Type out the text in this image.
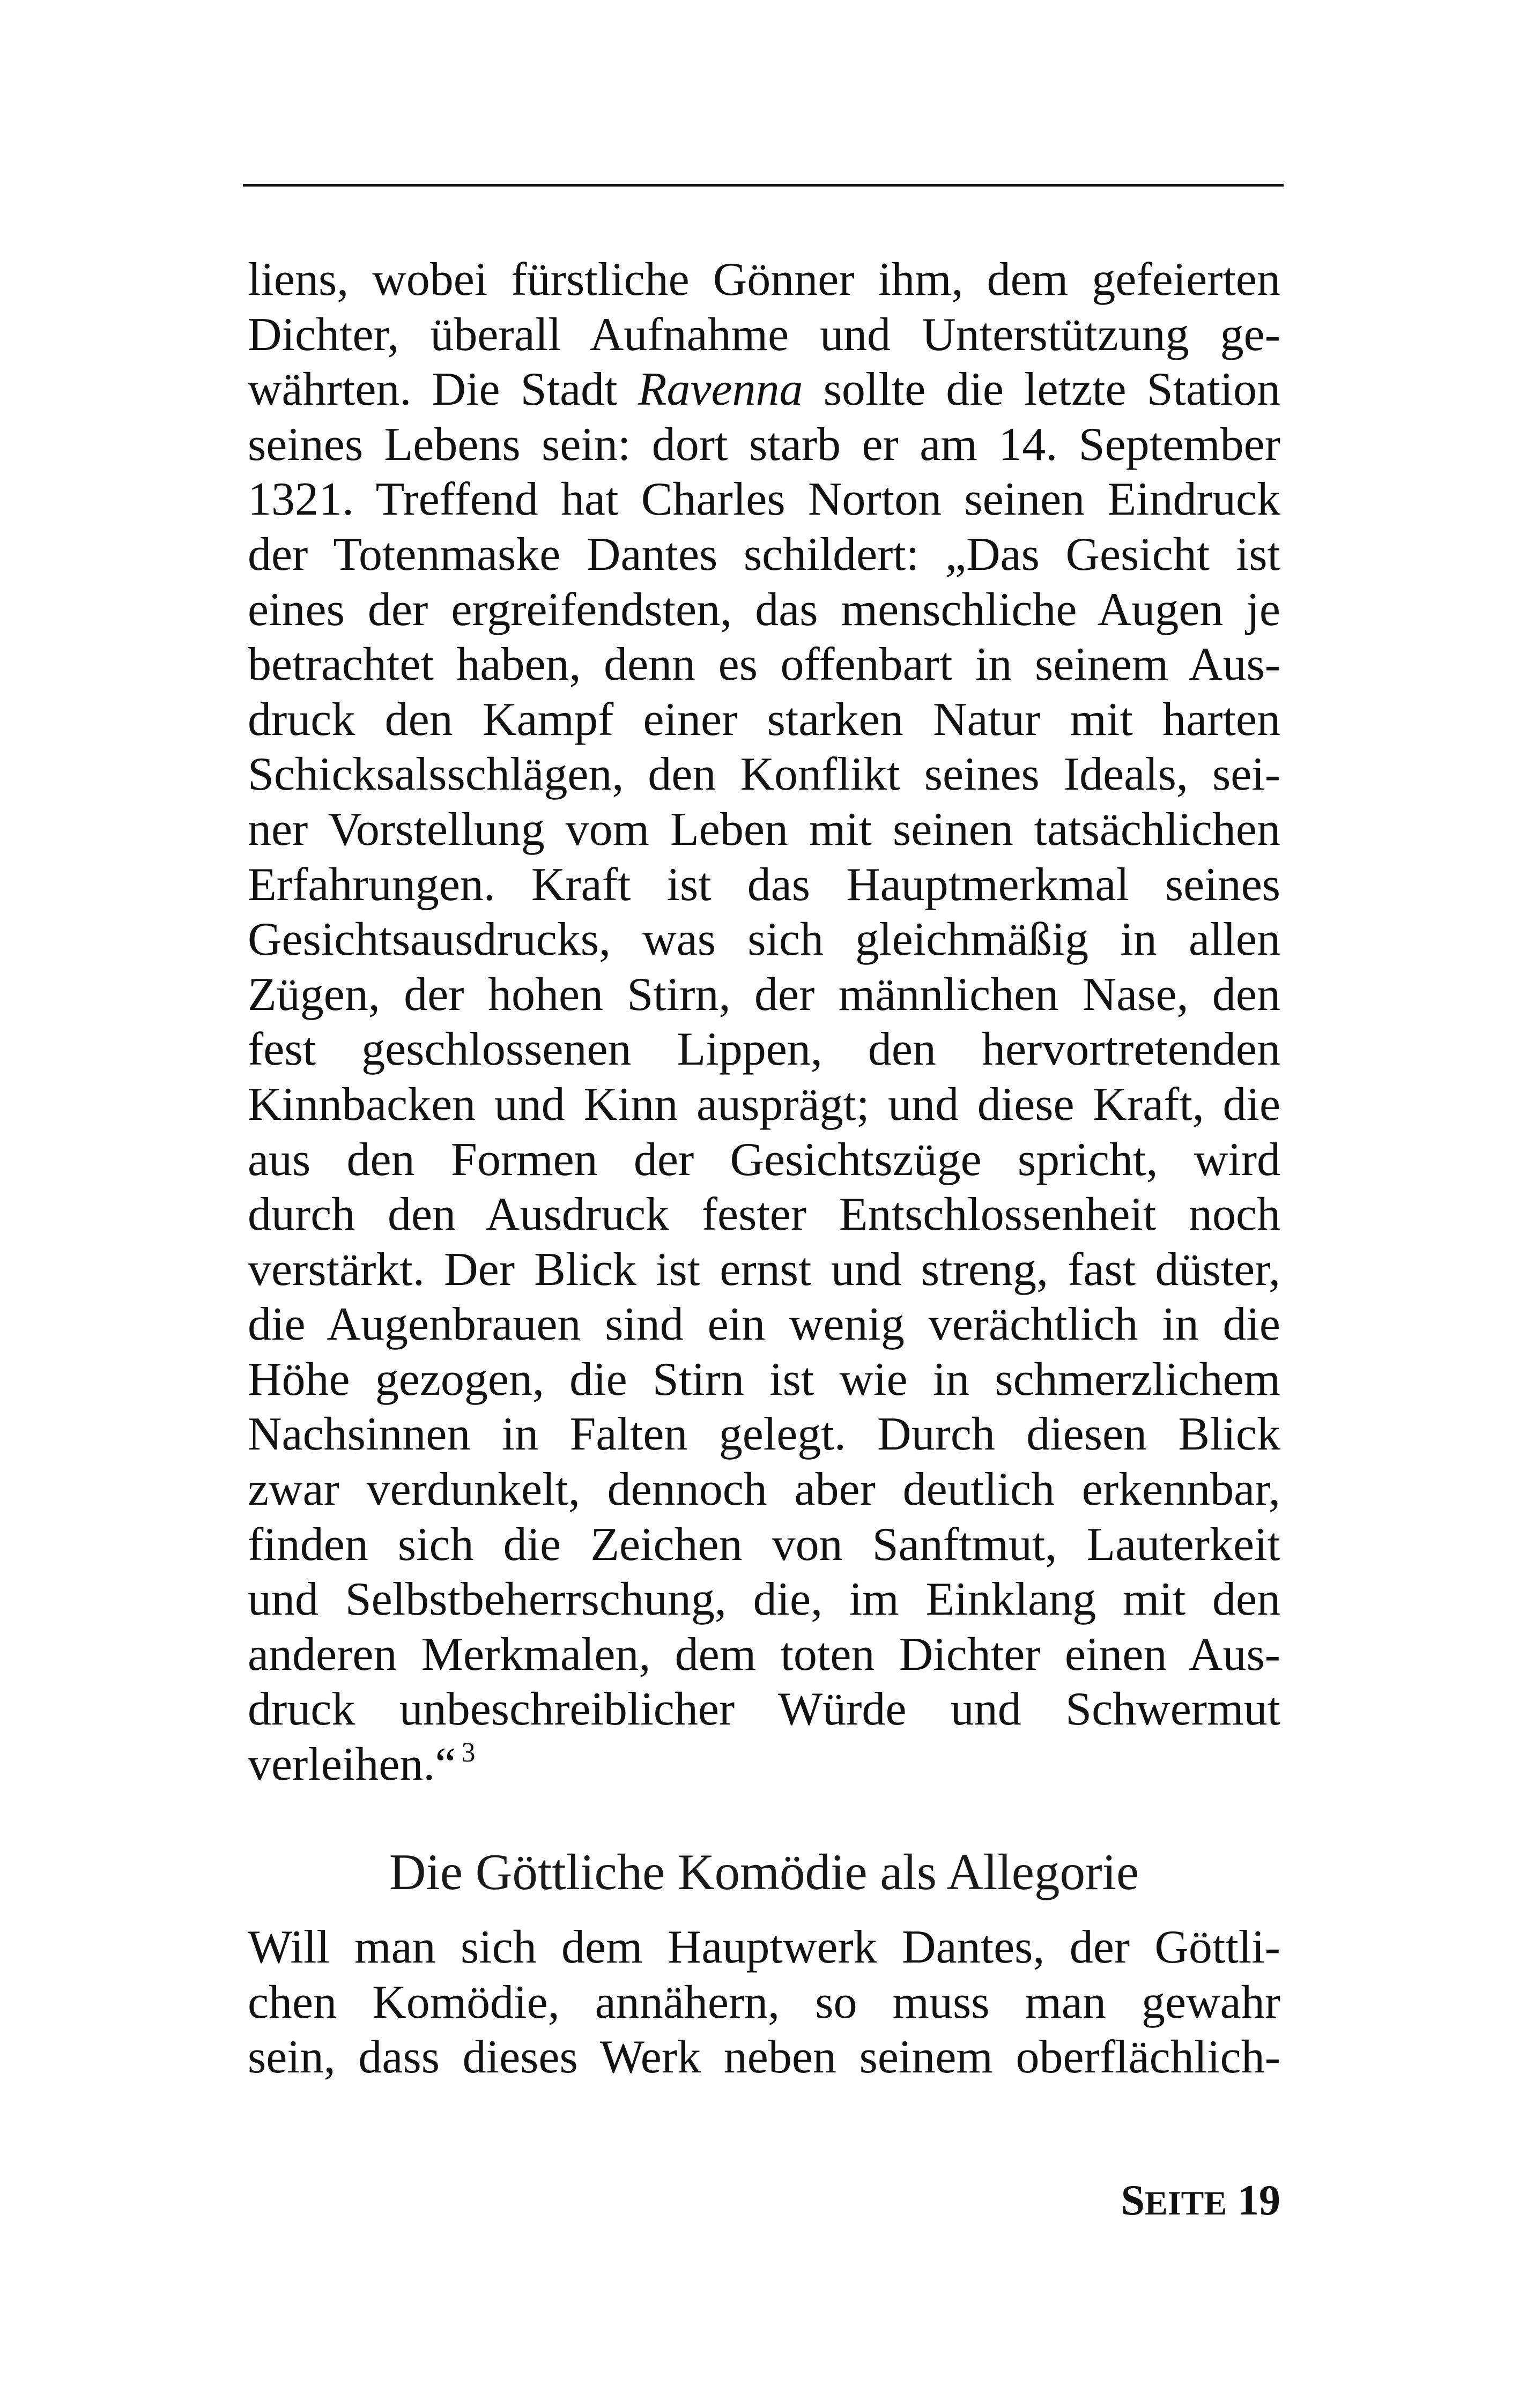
liens, wobei fürstliche Gönner ihm, dem gefeierten
Dichter, überall Aufnahme und Unterstützung ge-
währten. Die Stadt Ravenna sollte die letzte Station
seines Lebens sein: dort starb er am 14. September
1321. Treffend hat Charles Norton seinen Eindruck
der Totenmaske Dantes schildert: „Das Gesicht ist
eines der ergreifendsten, das menschliche Augen je
betrachtet haben, denn es offenbart in seinem Aus-
druck den Kampf einer starken Natur mit harten
Schicksalsschlägen, den Konflikt seines Ideals, sei-
ner Vorstellung vom Leben mit seinen tatsächlichen
Erfahrungen. Kraft ist das Hauptmerkmal seines
Gesichtsausdrucks, was sich gleichmäßig in allen
Zügen, der hohen Stirn, der männlichen Nase, den
fest geschlossenen Lippen, den hervortretenden
Kinnbacken und Kinn ausprägt; und diese Kraft, die
aus den Formen der Gesichtszüge spricht, wird
durch den Ausdruck fester Entschlossenheit noch
verstärkt. Der Blick ist ernst und streng, fast düster,
die Augenbrauen sind ein wenig verächtlich in die
Höhe gezogen, die Stirn ist wie in schmerzlichem
Nachsinnen in Falten gelegt. Durch diesen Blick
zwar verdunkelt, dennoch aber deutlich erkennbar,
finden sich die Zeichen von Sanftmut, Lauterkeit
und Selbstbeherrschung, die, im Einklang mit den
anderen Merkmalen, dem toten Dichter einen Aus-
druck unbeschreiblicher Würde und Schwermut
verleihen.“ $^3$
Die Göttliche Komödie als Allegorie
Will man sich dem Hauptwerk Dantes, der Göttli-
chen Komödie, annähern, so muss man gewahr
sein, dass dieses Werk neben seinem oberflächlich-
SEITE 19
